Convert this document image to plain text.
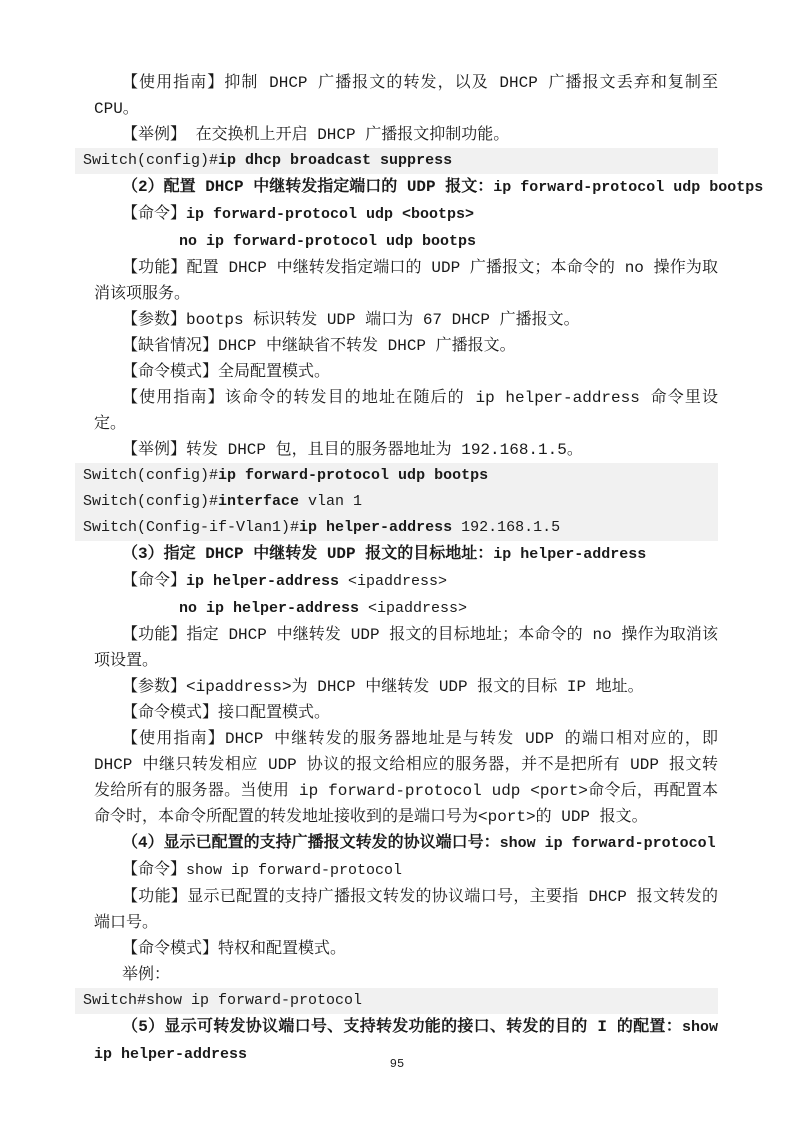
【使用指南】抑制 DHCP 广播报文的转发，以及 DHCP 广播报文丢弃和复制至 CPU。

【举例】 在交换机上开启 DHCP 广播报文抑制功能。

Switch(config)#ip dhcp broadcast suppress

（2）配置 DHCP 中继转发指定端口的 UDP 报文：ip forward-protocol udp bootps

【命令】ip forward-protocol udp <bootps>

no ip forward-protocol udp bootps

【功能】配置 DHCP 中继转发指定端口的 UDP 广播报文；本命令的 no 操作为取消该项服务。

【参数】bootps 标识转发 UDP 端口为 67 DHCP 广播报文。

【缺省情况】DHCP 中继缺省不转发 DHCP 广播报文。

【命令模式】全局配置模式。

【使用指南】该命令的转发目的地址在随后的 ip helper-address 命令里设定。

【举例】转发 DHCP 包，且目的服务器地址为 192.168.1.5。

Switch(config)#ip forward-protocol udp bootps

Switch(config)#interface vlan 1

Switch(Config-if-Vlan1)#ip helper-address 192.168.1.5

（3）指定 DHCP 中继转发 UDP 报文的目标地址：ip helper-address

【命令】ip helper-address <ipaddress>

no ip helper-address <ipaddress>

【功能】指定 DHCP 中继转发 UDP 报文的目标地址；本命令的 no 操作为取消该项设置。

【参数】<ipaddress>为 DHCP 中继转发 UDP 报文的目标 IP 地址。

【命令模式】接口配置模式。

【使用指南】DHCP 中继转发的服务器地址是与转发 UDP 的端口相对应的，即 DHCP 中继只转发相应 UDP 协议的报文给相应的服务器，并不是把所有 UDP 报文转发给所有的服务器。当使用 ip forward-protocol udp <port>命令后，再配置本命令时，本命令所配置的转发地址接收到的是端口号为<port>的 UDP 报文。

（4）显示已配置的支持广播报文转发的协议端口号：show ip forward-protocol

【命令】show ip forward-protocol

【功能】显示已配置的支持广播报文转发的协议端口号，主要指 DHCP 报文转发的端口号。

【命令模式】特权和配置模式。

举例：

Switch#show ip forward-protocol

（5）显示可转发协议端口号、支持转发功能的接口、转发的目的 I 的配置：show ip helper-address

95
